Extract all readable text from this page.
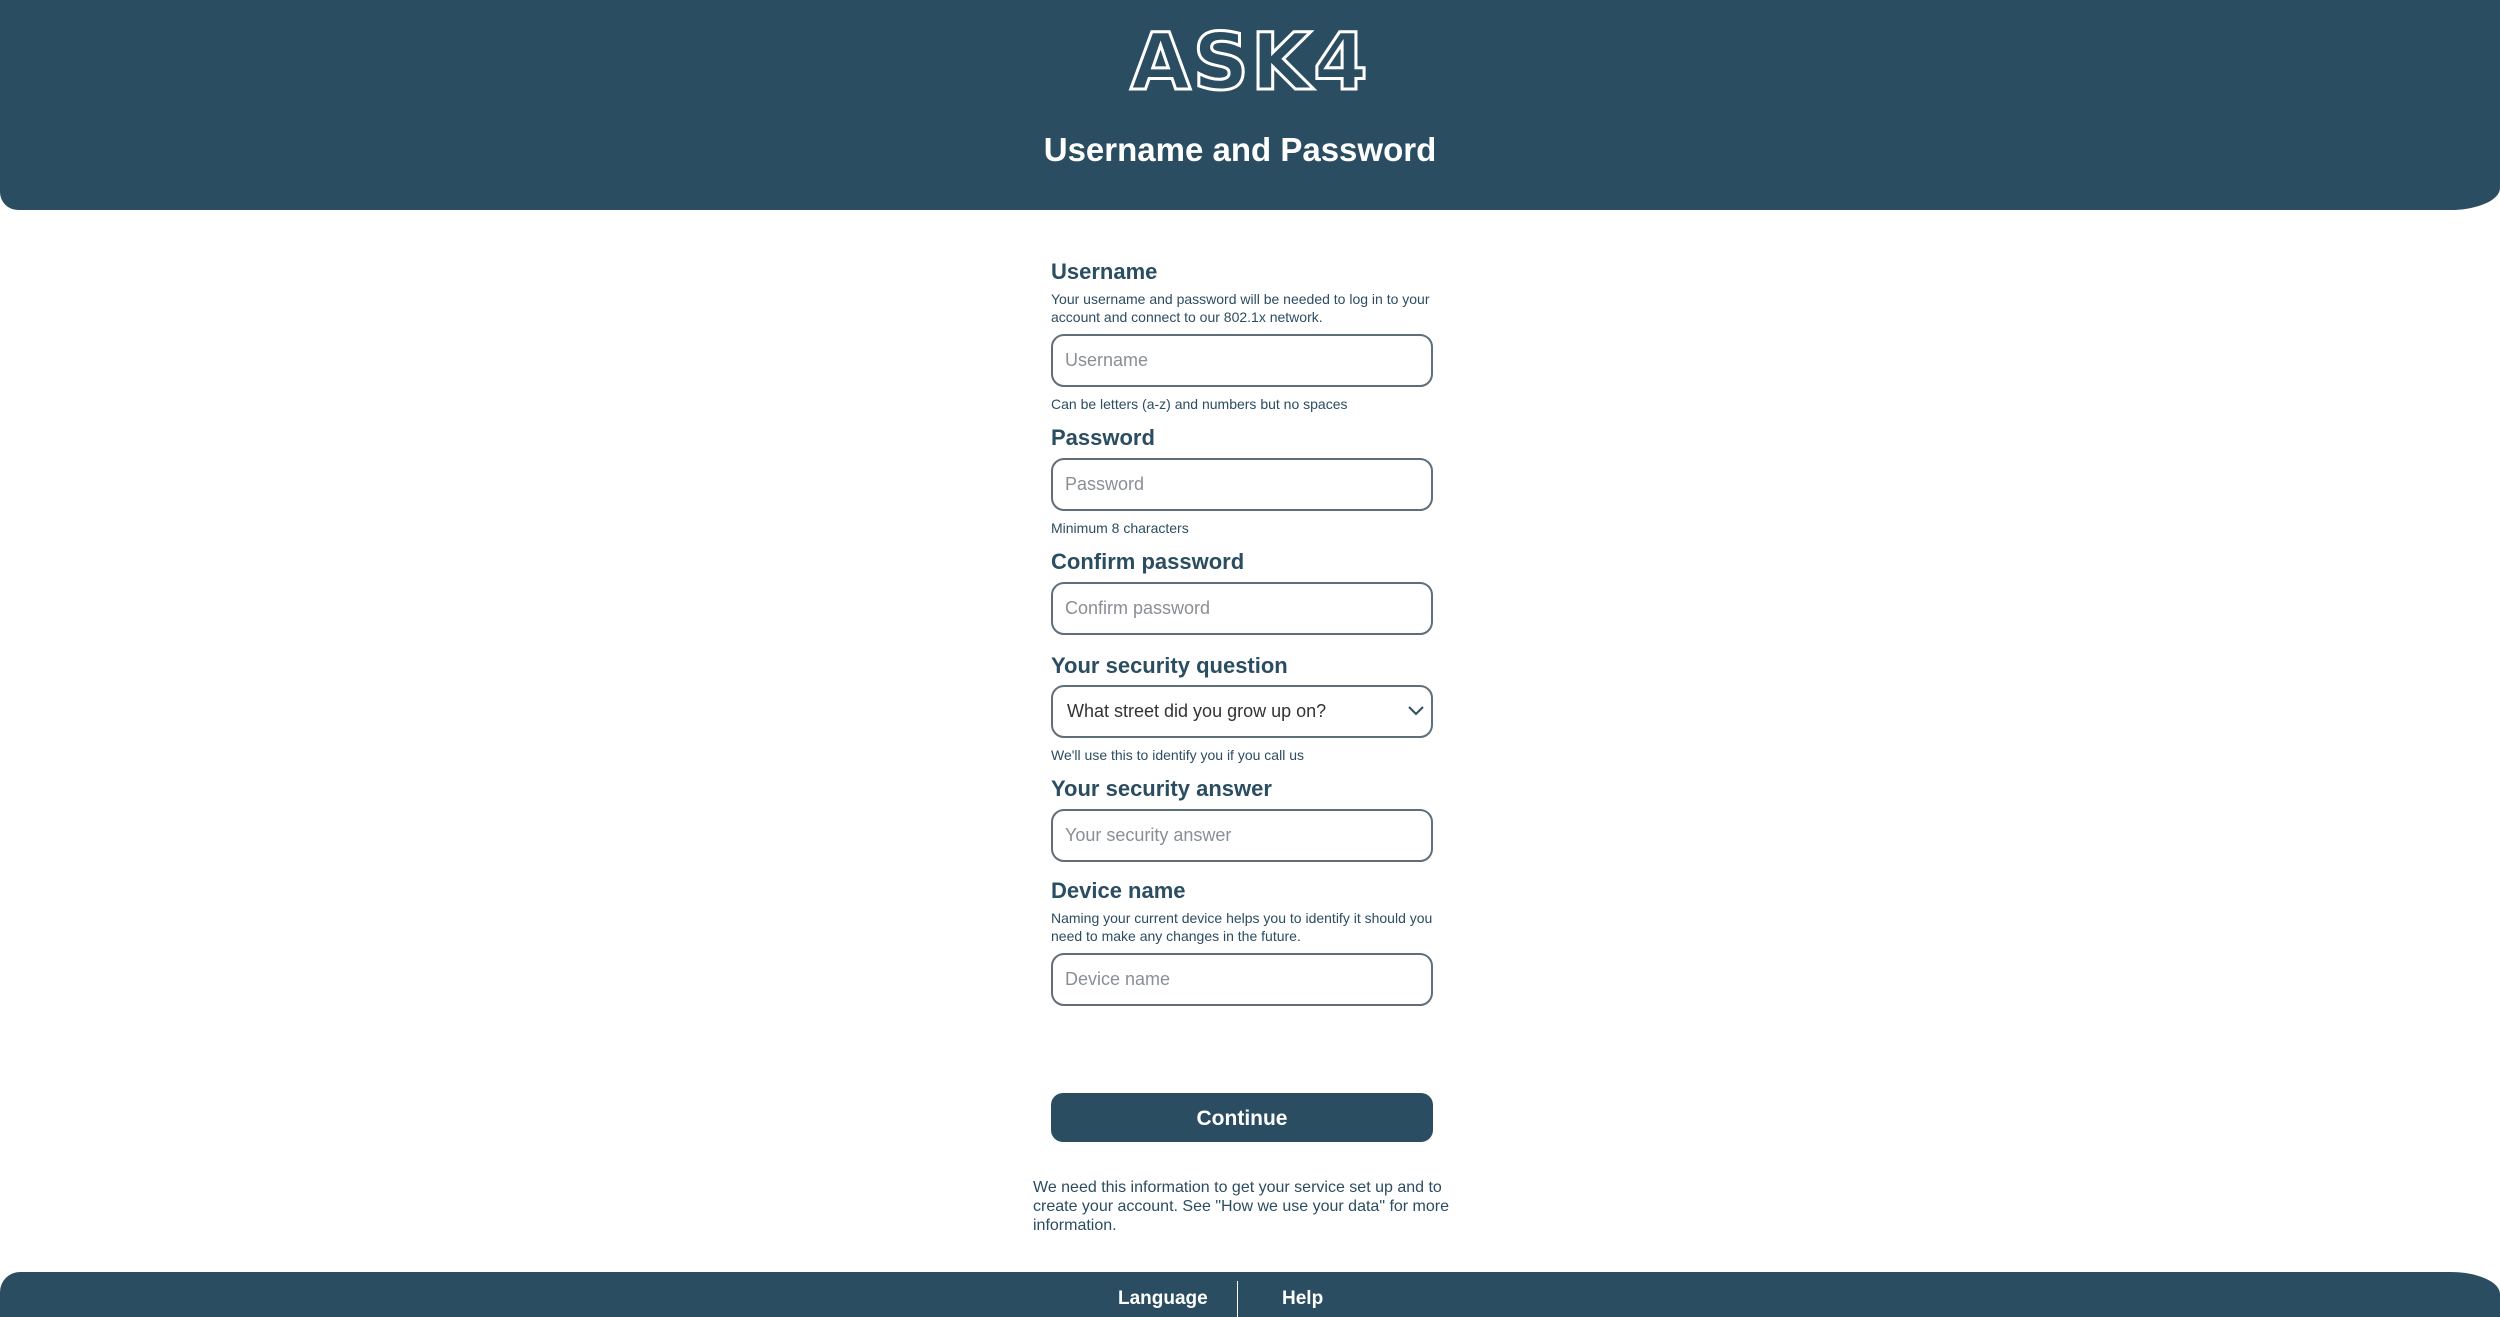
ASK4
Username and Password

Username

Your username and password will be needed to log in to your account and connect to our 802.1x network.

Username

Can be letters (a-z) and numbers but no spaces

Password

Minimum 8 characters

Confirm password

Your security question

What street did you grow up on?

We'll use this to identify you if you call us

Your security answer

Your security answer

Device name

Naming your current device helps you to identify it should you need to make any changes in the future.

Device name
Continue

We need this information to get your service set up and to create your account. See "How we use your data" for more information.

Language	Help
